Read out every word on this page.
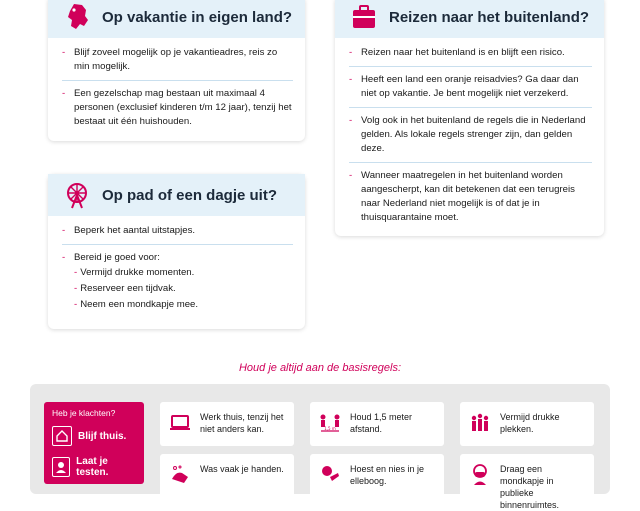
Op vakantie in eigen land?
- Blijf zoveel mogelijk op je vakantieadres, reis zo min mogelijk.
- Een gezelschap mag bestaan uit maximaal 4 personen (exclusief kinderen t/m 12 jaar), tenzij het bestaat uit één huishouden.
Reizen naar het buitenland?
- Reizen naar het buitenland is en blijft een risico.
- Heeft een land een oranje reisadvies? Ga daar dan niet op vakantie. Je bent mogelijk niet verzekerd.
- Volg ook in het buitenland de regels die in Nederland gelden. Als lokale regels strenger zijn, dan gelden deze.
- Wanneer maatregelen in het buitenland worden aangescherpt, kan dit betekenen dat een terugreis naar Nederland niet mogelijk is of dat je in thuisquarantaine moet.
Op pad of een dagje uit?
- Beperk het aantal uitstapjes.
- Bereid je goed voor:
- Vermijd drukke momenten.
- Reserveer een tijdvak.
- Neem een mondkapje mee.
Houd je altijd aan de basisregels:
Heb je klachten?
Blijf thuis.
Laat je testen.
Werk thuis, tenzij het niet anders kan.	1,5 m
Houd 1,5 meter afstand.
Vermijd drukke plekken.
Was vaak je handen.	Hoest en nies in je elleboog.
Draag een mondkapje in publieke binnenruimtes.
